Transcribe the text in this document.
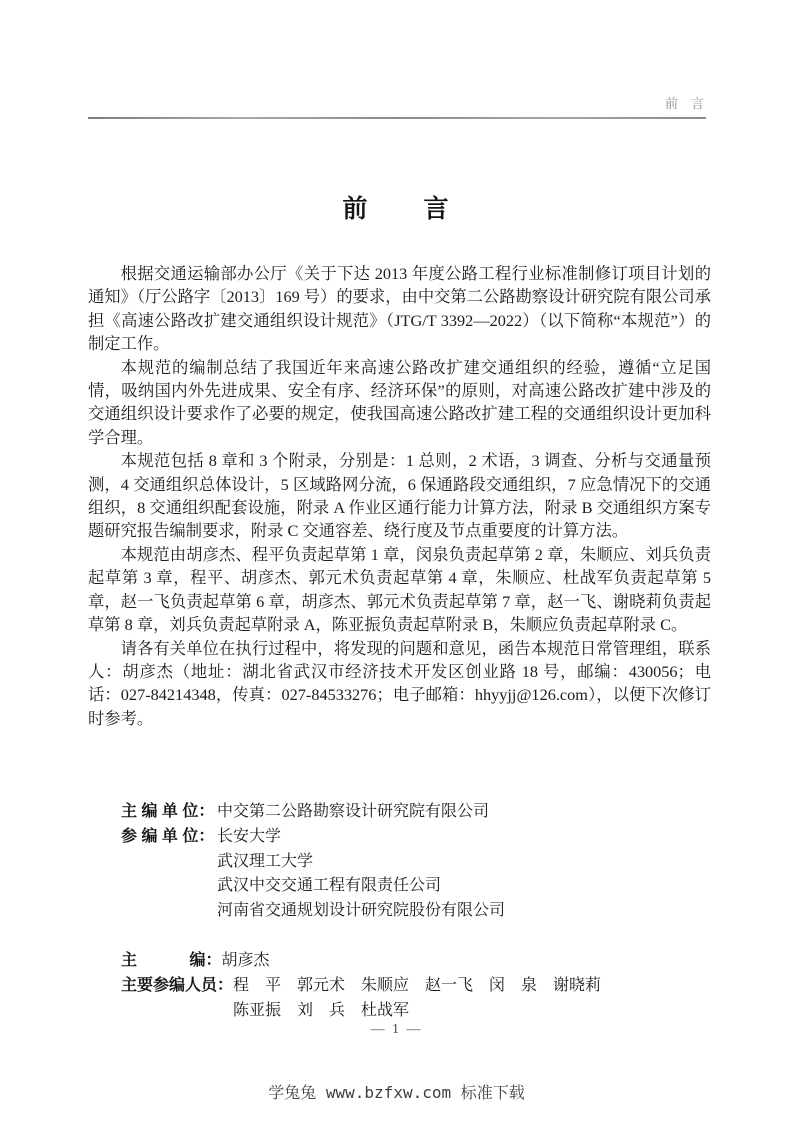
前　言
前　　言

根据交通运输部办公厅《关于下达 2013 年度公路工程行业标准制修订项目计划的通知》（厅公路字〔2013〕169 号）的要求，由中交第二公路勘察设计研究院有限公司承担《高速公路改扩建交通组织设计规范》（JTG/T 3392—2022）（以下简称“本规范”）的制定工作。

本规范的编制总结了我国近年来高速公路改扩建交通组织的经验，遵循“立足国情，吸纳国内外先进成果、安全有序、经济环保”的原则，对高速公路改扩建中涉及的交通组织设计要求作了必要的规定，使我国高速公路改扩建工程的交通组织设计更加科学合理。

本规范包括 8 章和 3 个附录，分别是：1 总则，2 术语，3 调查、分析与交通量预测，4 交通组织总体设计，5 区域路网分流，6 保通路段交通组织，7 应急情况下的交通组织，8 交通组织配套设施，附录 A 作业区通行能力计算方法，附录 B 交通组织方案专题研究报告编制要求，附录 C 交通容差、绕行度及节点重要度的计算方法。

本规范由胡彦杰、程平负责起草第 1 章，闵泉负责起草第 2 章，朱顺应、刘兵负责起草第 3 章，程平、胡彦杰、郭元术负责起草第 4 章，朱顺应、杜战军负责起草第 5 章，赵一飞负责起草第 6 章，胡彦杰、郭元术负责起草第 7 章，赵一飞、谢晓莉负责起草第 8 章，刘兵负责起草附录 A，陈亚振负责起草附录 B，朱顺应负责起草附录 C。

请各有关单位在执行过程中，将发现的问题和意见，函告本规范日常管理组，联系人：胡彦杰（地址：湖北省武汉市经济技术开发区创业路 18 号，邮编：430056；电话：027-84214348，传真：027-84533276；电子邮箱：hhyyjj@126.com），以便下次修订时参考。

主 编 单 位： 中交第二公路勘察设计研究院有限公司
参 编 单 位： 长安大学
武汉理工大学
武汉中交交通工程有限责任公司
河南省交通规划设计研究院股份有限公司
主　 　　编： 胡彦杰
主要参编人员： 程　平　郭元术　朱顺应　赵一飞　闵　泉　谢晓莉
陈亚振　刘　兵　杜战军
— 1 —
学兔兔 www.bzfxw.com 标准下载
